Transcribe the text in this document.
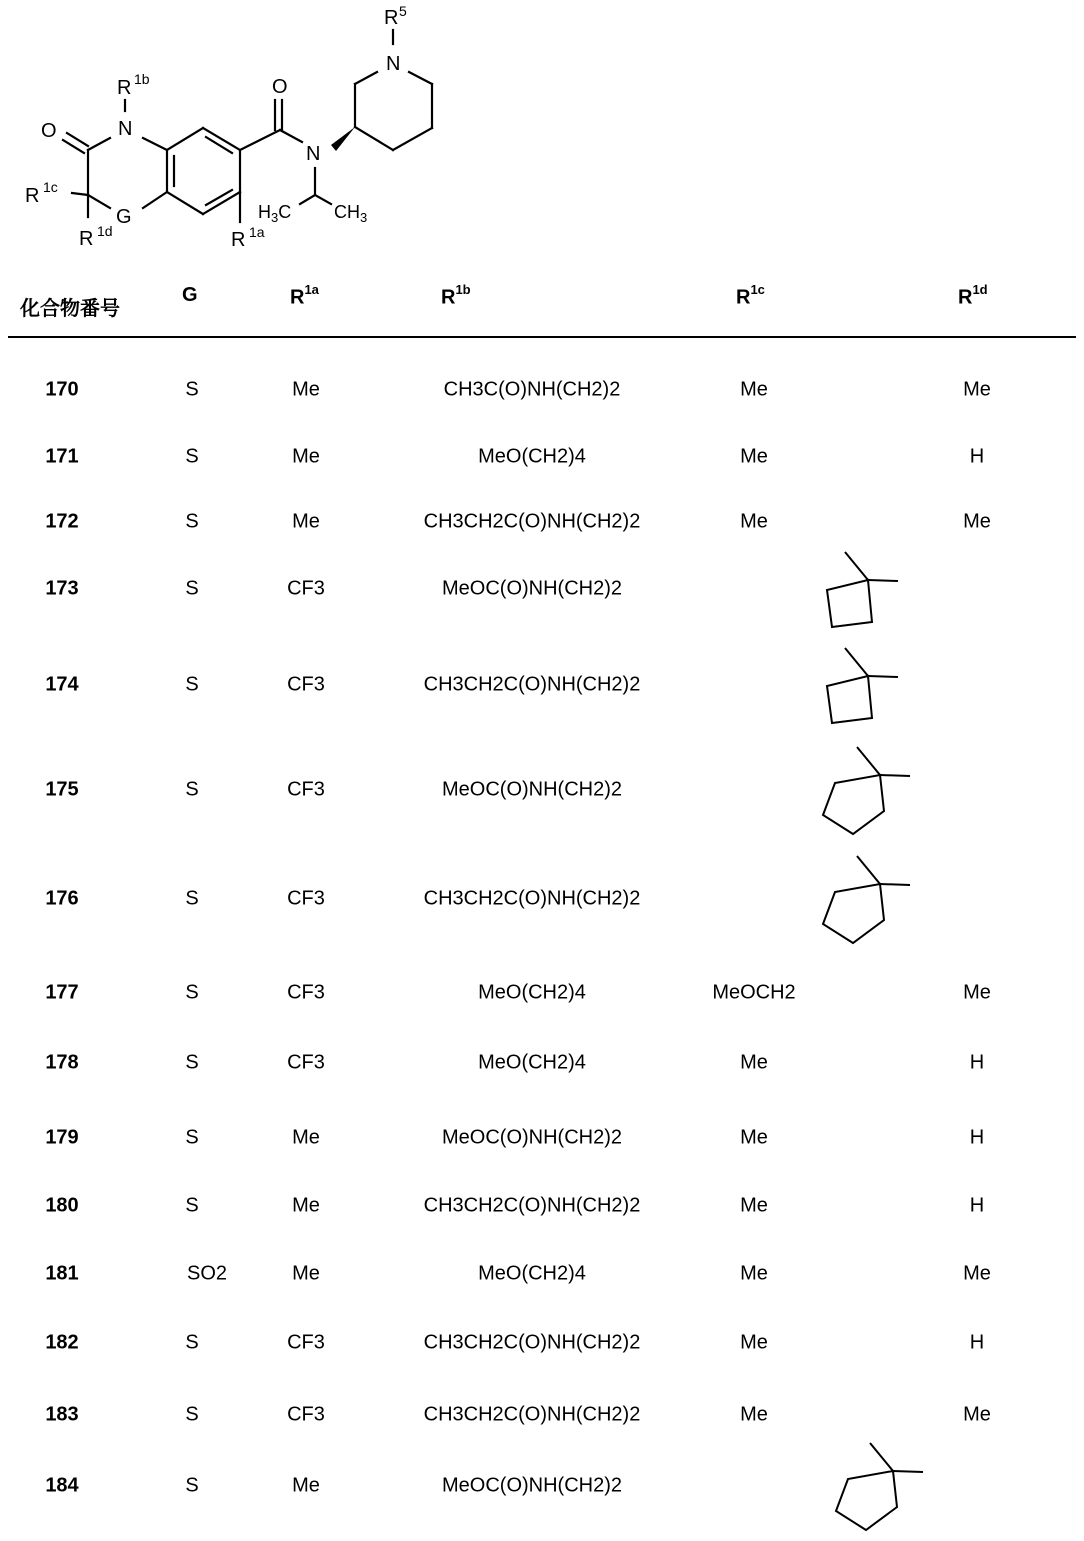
R 5
N
O
N
O	N
R 1b
R 1c
R 1d
G
R 1a
H3C CH3
化合物番号
G	R1a	R1b	R1c	R1d
170	S	Me	CH3C(O)NH(CH2)2	Me	Me
171	S	Me	MeO(CH2)4	Me	H
172	S	Me	CH3CH2C(O)NH(CH2)2	Me	Me
173	S	CF3	MeOC(O)NH(CH2)2
174	S	CF3	CH3CH2C(O)NH(CH2)2
175	S	CF3	MeOC(O)NH(CH2)2
176	S	CF3	CH3CH2C(O)NH(CH2)2
177	S	CF3	MeO(CH2)4	MeOCH2	Me
178	S	CF3	MeO(CH2)4	Me	H
179	S	Me	MeOC(O)NH(CH2)2	Me	H
180	S	Me	CH3CH2C(O)NH(CH2)2	Me	H
181	SO2	Me	MeO(CH2)4	Me	Me
182	S	CF3	CH3CH2C(O)NH(CH2)2	Me	H
183	S	CF3	CH3CH2C(O)NH(CH2)2	Me	Me
184	S	Me	MeOC(O)NH(CH2)2
